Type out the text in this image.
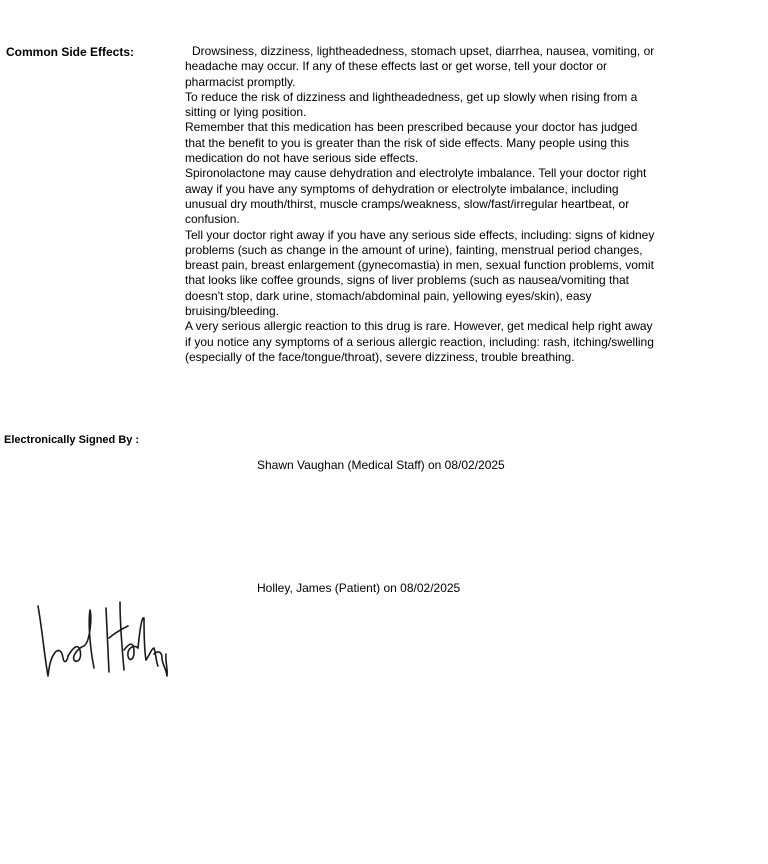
Common Side Effects:	Drowsiness, dizziness, lightheadedness, stomach upset, diarrhea, nausea, vomiting, or headache may occur. If any of these effects last or get worse, tell your doctor or pharmacist promptly.

To reduce the risk of dizziness and lightheadedness, get up slowly when rising from a sitting or lying position.

Remember that this medication has been prescribed because your doctor has judged that the benefit to you is greater than the risk of side effects. Many people using this medication do not have serious side effects.

Spironolactone may cause dehydration and electrolyte imbalance. Tell your doctor right away if you have any symptoms of dehydration or electrolyte imbalance, including unusual dry mouth/thirst, muscle cramps/weakness, slow/fast/irregular heartbeat, or confusion.

Tell your doctor right away if you have any serious side effects, including: signs of kidney problems (such as change in the amount of urine), fainting, menstrual period changes, breast pain, breast enlargement (gynecomastia) in men, sexual function problems, vomit that looks like coffee grounds, signs of liver problems (such as nausea/vomiting that doesn't stop, dark urine, stomach/abdominal pain, yellowing eyes/skin), easy bruising/bleeding.

A very serious allergic reaction to this drug is rare. However, get medical help right away if you notice any symptoms of a serious allergic reaction, including: rash, itching/swelling (especially of the face/tongue/throat), severe dizziness, trouble breathing.

Electronically Signed By :
Shawn Vaughan (Medical Staff) on 08/02/2025
Holley, James (Patient) on 08/02/2025
